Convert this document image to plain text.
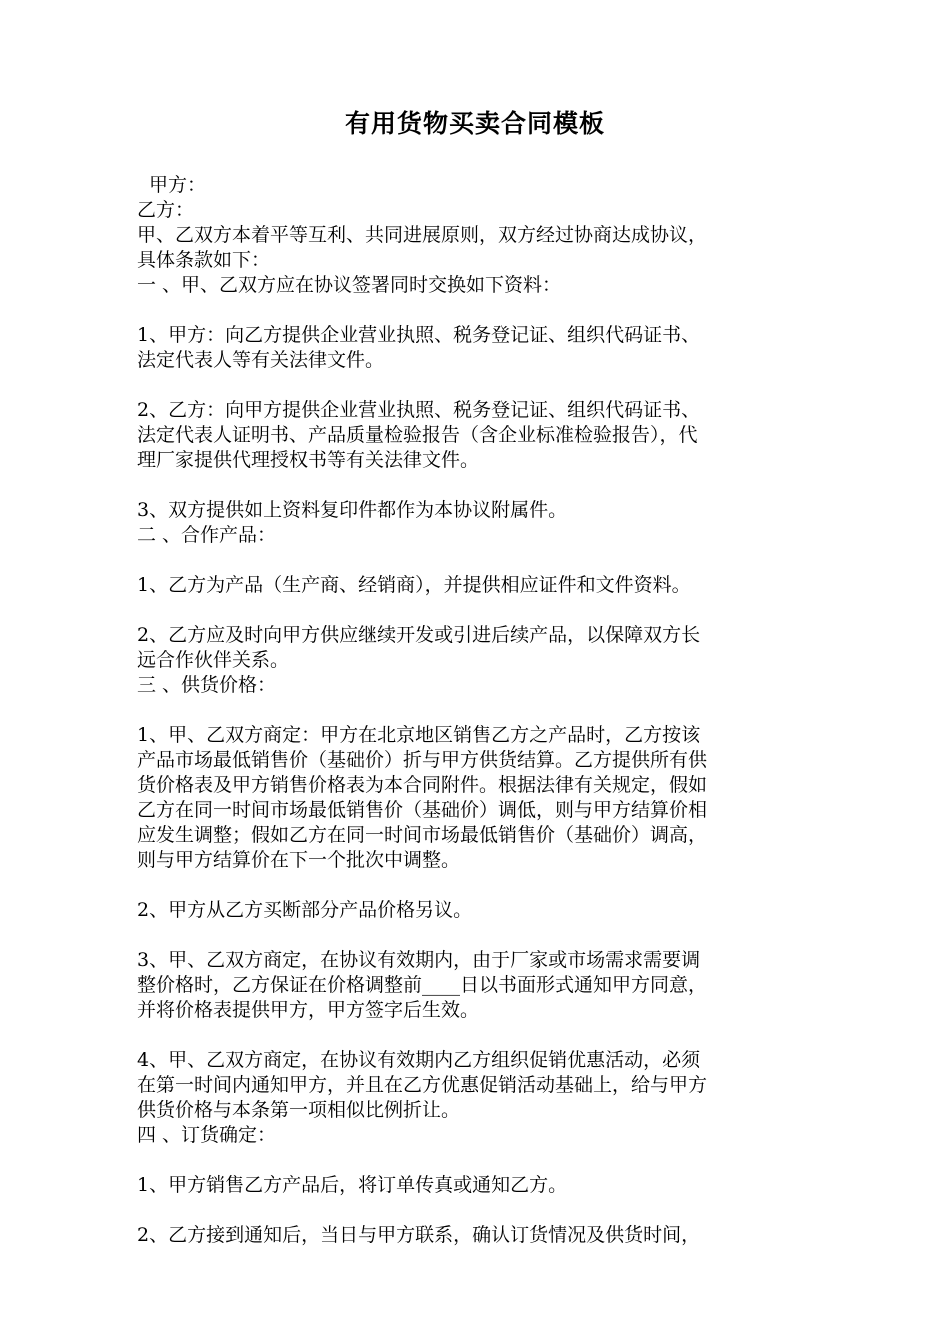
有用货物买卖合同模板
甲方：
乙方：
甲、乙双方本着平等互利、共同进展原则，双方经过协商达成协议，
具体条款如下：
一 、甲、乙双方应在协议签署同时交换如下资料：
1、甲方：向乙方提供企业营业执照、税务登记证、组织代码证书、
法定代表人等有关法律文件。
2、乙方：向甲方提供企业营业执照、税务登记证、组织代码证书、
法定代表人证明书、产品质量检验报告（含企业标准检验报告），代
理厂家提供代理授权书等有关法律文件。
3、双方提供如上资料复印件都作为本协议附属件。
二 、合作产品：
1、乙方为产品（生产商、经销商），并提供相应证件和文件资料。
2、乙方应及时向甲方供应继续开发或引进后续产品，以保障双方长
远合作伙伴关系。
三 、供货价格：
1、甲、乙双方商定：甲方在北京地区销售乙方之产品时，乙方按该
产品市场最低销售价（基础价）折与甲方供货结算。乙方提供所有供
货价格表及甲方销售价格表为本合同附件。根据法律有关规定，假如
乙方在同一时间市场最低销售价（基础价）调低，则与甲方结算价相
应发生调整；假如乙方在同一时间市场最低销售价（基础价）调高，
则与甲方结算价在下一个批次中调整。
2、甲方从乙方买断部分产品价格另议。
3、甲、乙双方商定，在协议有效期内，由于厂家或市场需求需要调
整价格时，乙方保证在价格调整前____日以书面形式通知甲方同意，
并将价格表提供甲方，甲方签字后生效。
4、甲、乙双方商定，在协议有效期内乙方组织促销优惠活动，必须
在第一时间内通知甲方，并且在乙方优惠促销活动基础上，给与甲方
供货价格与本条第一项相似比例折让。
四 、订货确定：
1、甲方销售乙方产品后，将订单传真或通知乙方。
2、乙方接到通知后，当日与甲方联系，确认订货情况及供货时间，
